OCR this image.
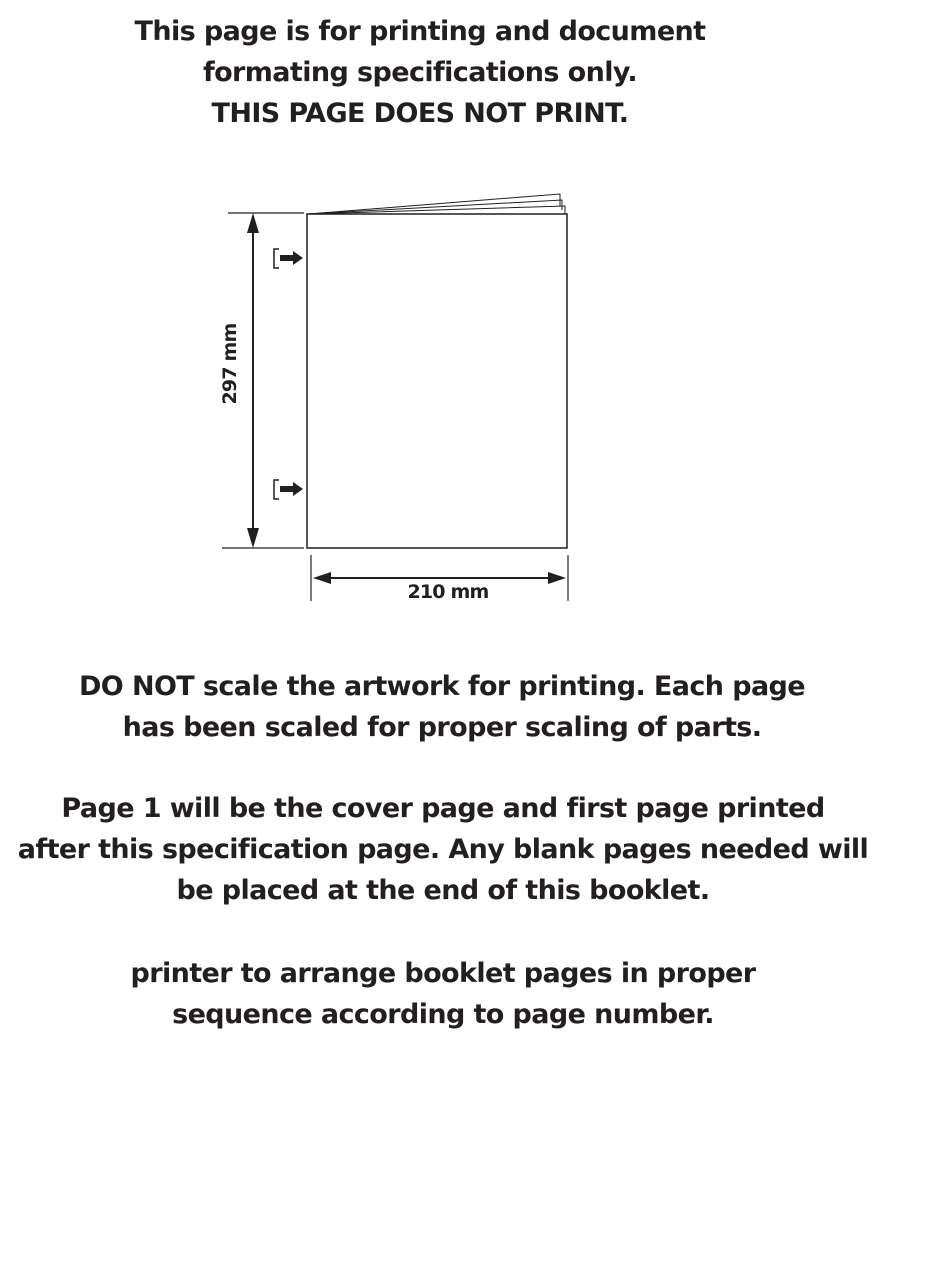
This page is for printing and document
formating specifications only.
THIS PAGE DOES NOT PRINT.
297 mm
210 mm
DO NOT scale the artwork for printing. Each page
has been scaled for proper scaling of parts.
Page 1 will be the cover page and first page printed
after this specification page. Any blank pages needed will
be placed at the end of this booklet.
printer to arrange booklet pages in proper
sequence according to page number.
